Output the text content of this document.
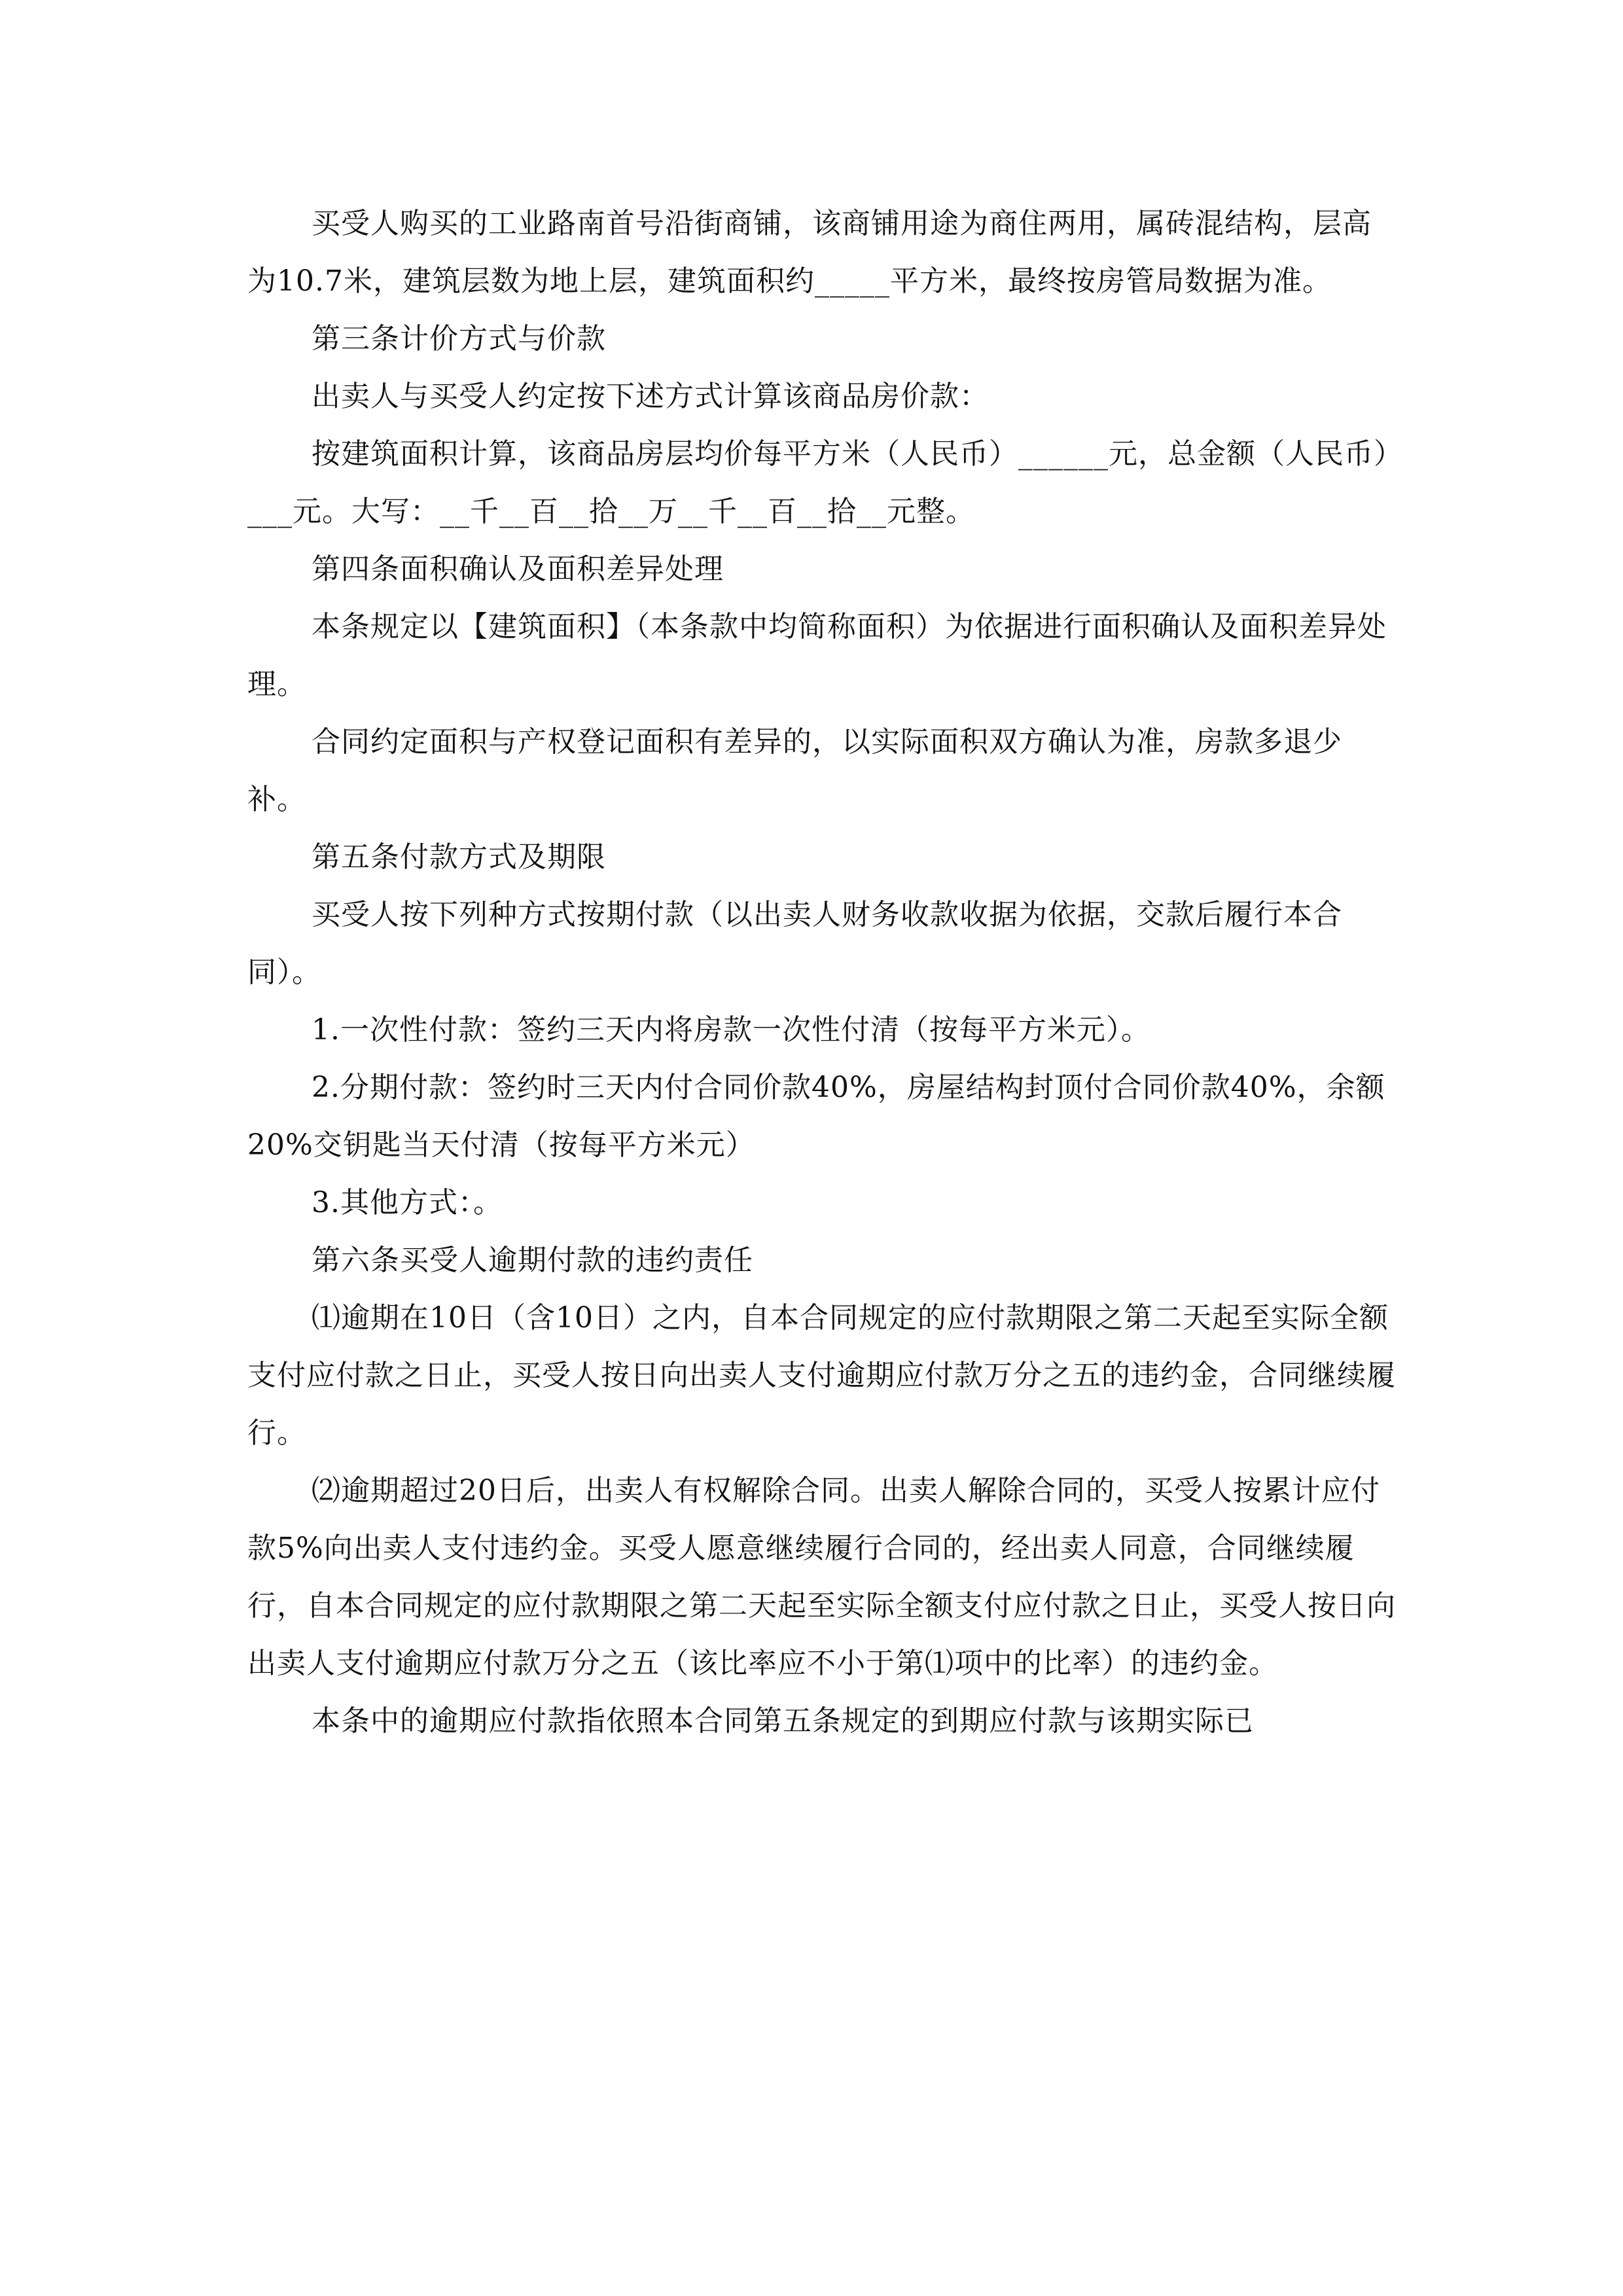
买受人购买的工业路南首号沿街商铺，该商铺用途为商住两用，属砖混结构，层高为10.7米，建筑层数为地上层，建筑面积约_____平方米，最终按房管局数据为准。

第三条计价方式与价款

出卖人与买受人约定按下述方式计算该商品房价款：

按建筑面积计算，该商品房层均价每平方米（人民币）______元，总金额（人民币）___元。大写：__千__百__拾__万__千__百__拾__元整。

第四条面积确认及面积差异处理

本条规定以【建筑面积】（本条款中均简称面积）为依据进行面积确认及面积差异处理。

合同约定面积与产权登记面积有差异的，以实际面积双方确认为准，房款多退少补。

第五条付款方式及期限

买受人按下列种方式按期付款（以出卖人财务收款收据为依据，交款后履行本合同）。

1.一次性付款：签约三天内将房款一次性付清（按每平方米元）。

2.分期付款：签约时三天内付合同价款40%，房屋结构封顶付合同价款40%，余额20%交钥匙当天付清（按每平方米元）

3.其他方式：。

第六条买受人逾期付款的违约责任

⑴逾期在10日（含10日）之内，自本合同规定的应付款期限之第二天起至实际全额支付应付款之日止，买受人按日向出卖人支付逾期应付款万分之五的违约金，合同继续履行。

⑵逾期超过20日后，出卖人有权解除合同。出卖人解除合同的，买受人按累计应付款5%向出卖人支付违约金。买受人愿意继续履行合同的，经出卖人同意，合同继续履行，自本合同规定的应付款期限之第二天起至实际全额支付应付款之日止，买受人按日向出卖人支付逾期应付款万分之五（该比率应不小于第⑴项中的比率）的违约金。

本条中的逾期应付款指依照本合同第五条规定的到期应付款与该期实际已
